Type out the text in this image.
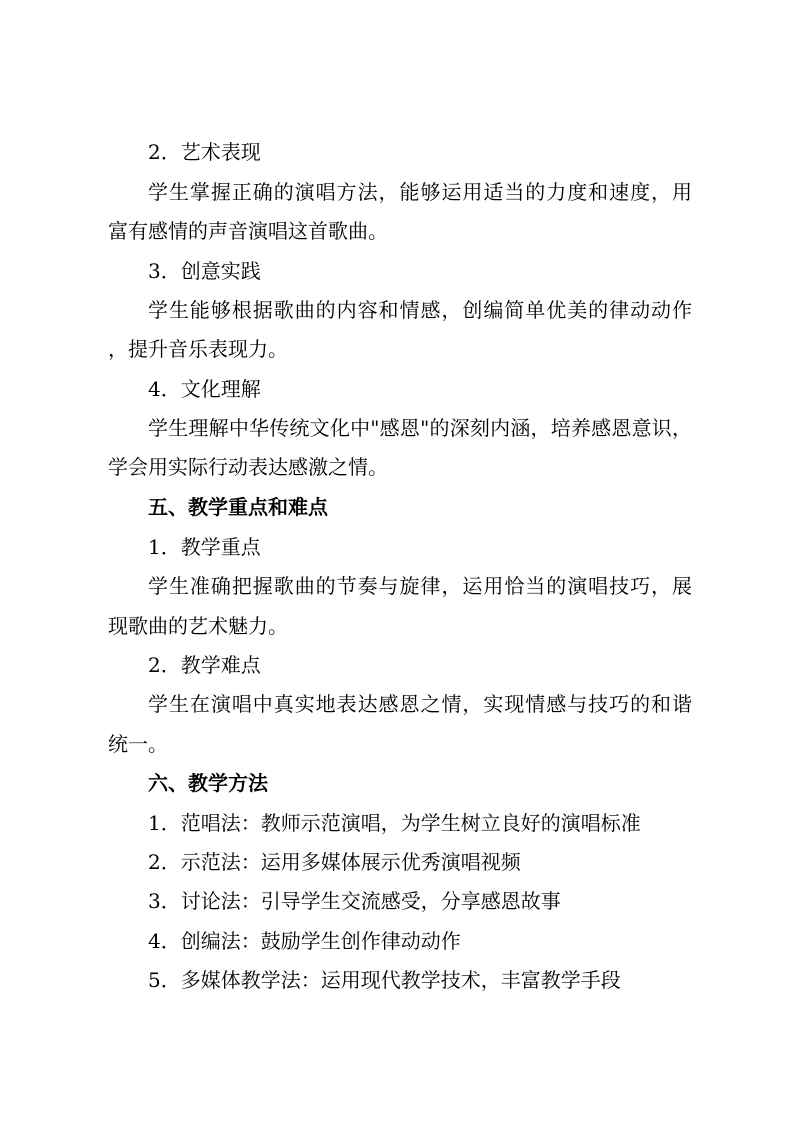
2．艺术表现
学生掌握正确的演唱方法，能够运用适当的力度和速度，用
富有感情的声音演唱这首歌曲。
3．创意实践
学生能够根据歌曲的内容和情感，创编简单优美的律动动作
，提升音乐表现力。
4．文化理解
学生理解中华传统文化中"感恩"的深刻内涵，培养感恩意识，
学会用实际行动表达感激之情。
五、教学重点和难点
1．教学重点
学生准确把握歌曲的节奏与旋律，运用恰当的演唱技巧，展
现歌曲的艺术魅力。
2．教学难点
学生在演唱中真实地表达感恩之情，实现情感与技巧的和谐
统一。
六、教学方法
1．范唱法：教师示范演唱，为学生树立良好的演唱标准
2．示范法：运用多媒体展示优秀演唱视频
3．讨论法：引导学生交流感受，分享感恩故事
4．创编法：鼓励学生创作律动动作
5．多媒体教学法：运用现代教学技术，丰富教学手段
